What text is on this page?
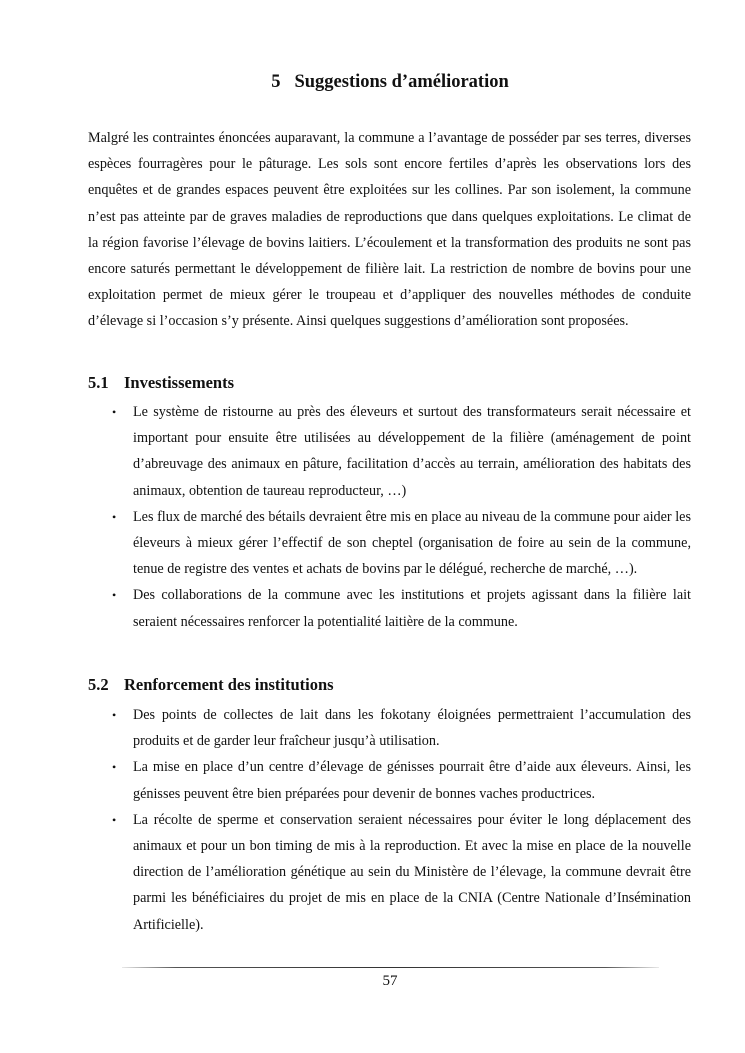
5 Suggestions d’amélioration

Malgré les contraintes énoncées auparavant, la commune a l’avantage de posséder par ses terres, diverses espèces fourragères pour le pâturage. Les sols sont encore fertiles d’après les observations lors des enquêtes et de grandes espaces peuvent être exploitées sur les collines. Par son isolement, la commune n’est pas atteinte par de graves maladies de reproductions que dans quelques exploitations. Le climat de la région favorise l’élevage de bovins laitiers. L’écoulement et la transformation des produits ne sont pas encore saturés permettant le développement de filière lait. La restriction de nombre de bovins pour une exploitation permet de mieux gérer le troupeau et d’appliquer des nouvelles méthodes de conduite d’élevage si l’occasion s’y présente. Ainsi quelques suggestions d’amélioration sont proposées.

5.1 Investissements
• Le système de ristourne au près des éleveurs et surtout des transformateurs serait nécessaire et important pour ensuite être utilisées au développement de la filière (aménagement de point d’abreuvage des animaux en pâture, facilitation d’accès au terrain, amélioration des habitats des animaux, obtention de taureau reproducteur, …)
• Les flux de marché des bétails devraient être mis en place au niveau de la commune pour aider les éleveurs à mieux gérer l’effectif de son cheptel (organisation de foire au sein de la commune, tenue de registre des ventes et achats de bovins par le délégué, recherche de marché, …).
• Des collaborations de la commune avec les institutions et projets agissant dans la filière lait seraient nécessaires renforcer la potentialité laitière de la commune.
5.2 Renforcement des institutions
• Des points de collectes de lait dans les fokotany éloignées permettraient l’accumulation des produits et de garder leur fraîcheur jusqu’à utilisation.
• La mise en place d’un centre d’élevage de génisses pourrait être d’aide aux éleveurs. Ainsi, les génisses peuvent être bien préparées pour devenir de bonnes vaches productrices.
• La récolte de sperme et conservation seraient nécessaires pour éviter le long déplacement des animaux et pour un bon timing de mis à la reproduction. Et avec la mise en place de la nouvelle direction de l’amélioration génétique au sein du Ministère de l’élevage, la commune devrait être parmi les bénéficiaires du projet de mis en place de la CNIA (Centre Nationale d’Insémination Artificielle).

57
